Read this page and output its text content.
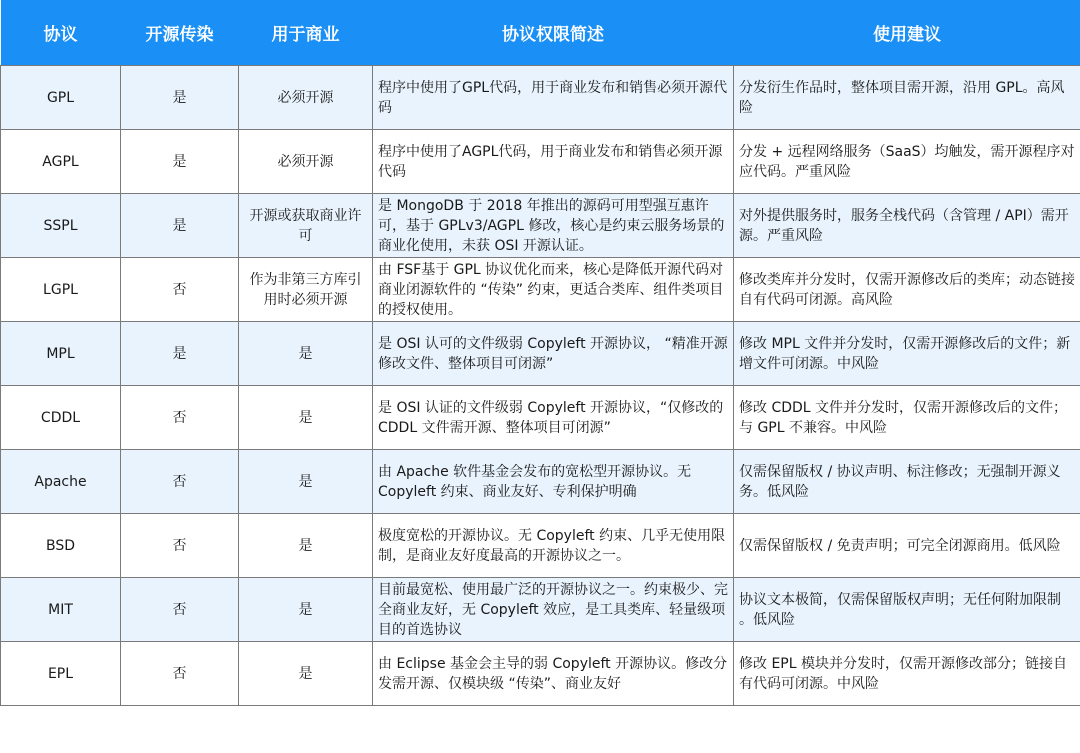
协议	开源传染	用于商业	协议权限简述	使用建议
GPL	是	必须开源	程序中使用了GPL代码，用于商业发布和销售必须开源代码	分发衍生作品时，整体项目需开源，沿用 GPL。高风险
AGPL	是	必须开源	程序中使用了AGPL代码，用于商业发布和销售必须开源代码	分发 + 远程网络服务（SaaS）均触发，需开源程序对应代码。严重风险
SSPL	是	开源或获取商业许可	是 MongoDB 于 2018 年推出的源码可用型强互惠许可，基于 GPLv3/AGPL 修改，核心是约束云服务场景的商业化使用，未获 OSI 开源认证。	对外提供服务时，服务全栈代码（含管理 / API）需开源。严重风险
LGPL	否	作为非第三方库引用时必须开源	由 FSF基于 GPL 协议优化而来，核心是降低开源代码对商业闭源软件的 “传染” 约束，更适合类库、组件类项目的授权使用。	修改类库并分发时，仅需开源修改后的类库；动态链接自有代码可闭源。高风险
MPL	是	是	是 OSI 认可的文件级弱 Copyleft 开源协议， “精准开源修改文件、整体项目可闭源”	修改 MPL 文件并分发时，仅需开源修改后的文件；新增文件可闭源。中风险
CDDL	否	是	是 OSI 认证的文件级弱 Copyleft 开源协议，“仅修改的 CDDL 文件需开源、整体项目可闭源”	修改 CDDL 文件并分发时，仅需开源修改后的文件；与 GPL 不兼容。中风险
Apache	否	是	由 Apache 软件基金会发布的宽松型开源协议。无 Copyleft 约束、商业友好、专利保护明确	仅需保留版权 / 协议声明、标注修改；无强制开源义务。低风险
BSD	否	是	极度宽松的开源协议。无 Copyleft 约束、几乎无使用限制，是商业友好度最高的开源协议之一。	仅需保留版权 / 免责声明；可完全闭源商用。低风险
MIT	否	是	目前最宽松、使用最广泛的开源协议之一。约束极少、完全商业友好，无 Copyleft 效应，是工具类库、轻量级项目的首选协议	协议文本极简，仅需保留版权声明；无任何附加限制 。低风险
EPL	否	是	由 Eclipse 基金会主导的弱 Copyleft 开源协议。修改分发需开源、仅模块级 “传染”、商业友好	修改 EPL 模块并分发时，仅需开源修改部分；链接自有代码可闭源。中风险
